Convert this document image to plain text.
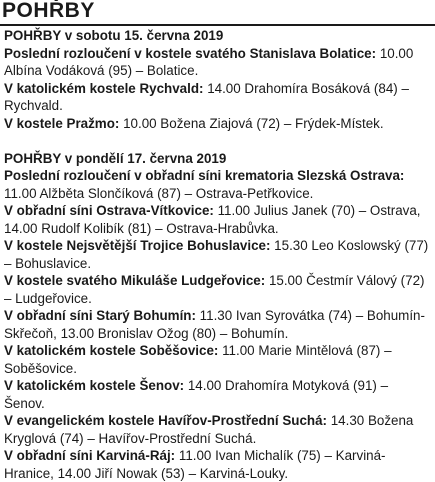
POHŘBY
POHŘBY v sobotu 15. června 2019
Poslední rozloučení v kostele svatého Stanislava Bolatice: 10.00 Albína Vodáková (95) – Bolatice.
V katolickém kostele Rychvald: 14.00 Drahomíra Bosáková (84) – Rychvald.
V kostele Pražmo: 10.00 Božena Ziajová (72) – Frýdek-Místek.
POHŘBY v pondělí 17. června 2019
Poslední rozloučení v obřadní síni krematoria Slezská Ostrava: 11.00 Alžběta Slončíková (87) – Ostrava-Petřkovice.
V obřadní síni Ostrava-Vítkovice: 11.00 Julius Janek (70) – Ostrava, 14.00 Rudolf Kolibík (81) – Ostrava-Hrabůvka.
V kostele Nejsvětější Trojice Bohuslavice: 15.30 Leo Koslowský (77) – Bohuslavice.
V kostele svatého Mikuláše Ludgeřovice: 15.00 Čestmír Válový (72) – Ludgeřovice.
V obřadní síni Starý Bohumín: 11.30 Ivan Syrovátka (74) – Bohumín-Skřečoň, 13.00 Bronislav Ožog (80) – Bohumín.
V katolickém kostele Soběšovice: 11.00 Marie Mintělová (87) – Soběšovice.
V katolickém kostele Šenov: 14.00 Drahomíra Motyková (91) – Šenov.
V evangelickém kostele Havířov-Prostřední Suchá: 14.30 Božena Kryglová (74) – Havířov-Prostřední Suchá.
V obřadní síni Karviná-Ráj: 11.00 Ivan Michalík (75) – Karviná-Hranice, 14.00 Jiří Nowak (53) – Karviná-Louky.
